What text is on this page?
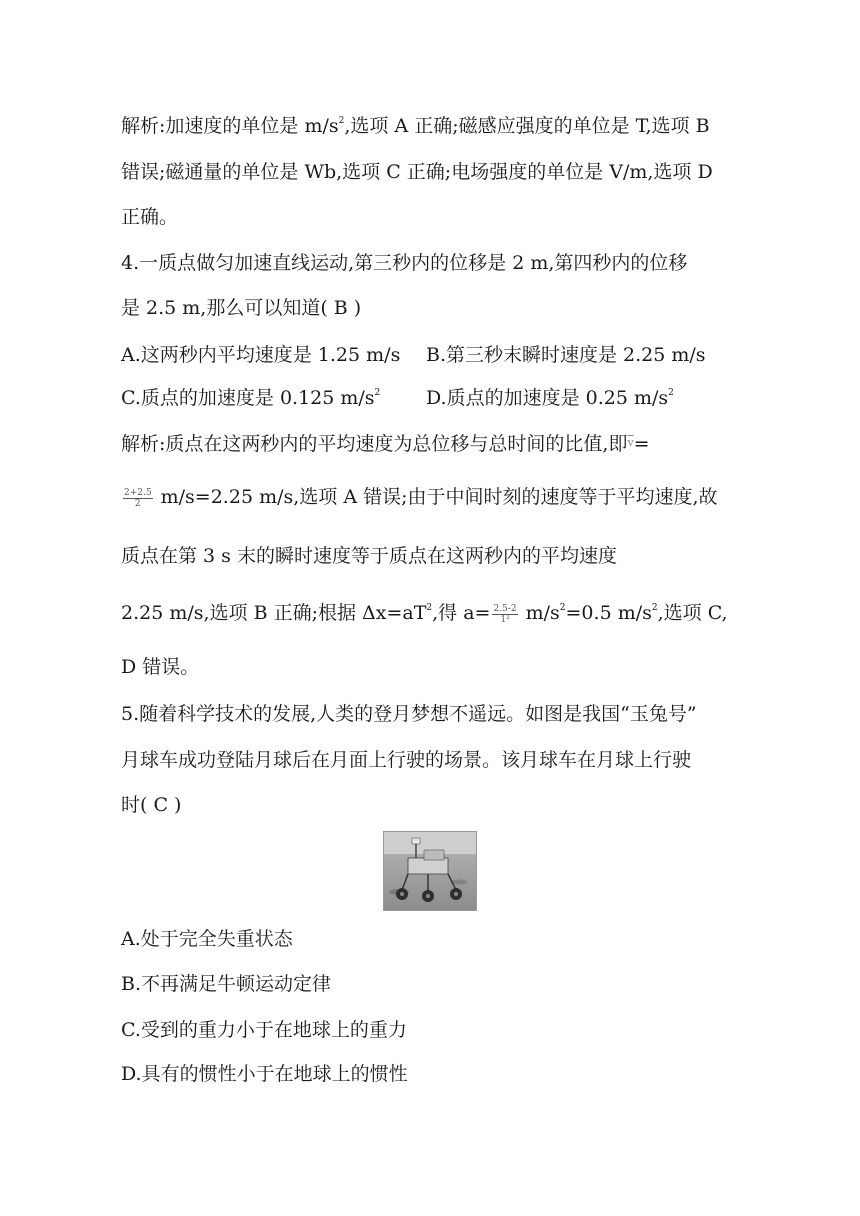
解析:加速度的单位是 $m/s^2$,选项 A 正确;磁感应强度的单位是 T,选项 B
错误;磁通量的单位是 Wb,选项 C 正确;电场强度的单位是 V/m,选项 D
正确。
4.一质点做匀加速直线运动,第三秒内的位移是 2 m,第四秒内的位移
是 2.5 m,那么可以知道( B )
A.这两秒内平均速度是 1.25 m/s B.第三秒末瞬时速度是 2.25 m/s
C.质点的加速度是 0.125 $m/s^2$ D.质点的加速度是 0.25 $m/s^2$
解析:质点在这两秒内的平均速度为总位移与总时间的比值,即$\overline{v}=$
$\frac{2+2.5}{2} m/s=2.25$ m/s,选项 A 错误;由于中间时刻的速度等于平均速度,故
质点在第 3 s 末的瞬时速度等于质点在这两秒内的平均速度
2.25 m/s,选项 B 正确;根据 $\Delta x=aT^2$,得 $a= \frac{2.5-2}{\text{1²}} m/s^2=0.5$ $m/s^2$,选项 C,
D 错误。
5.随着科学技术的发展,人类的登月梦想不遥远。如图是我国“玉兔号”
月球车成功登陆月球后在月面上行驶的场景。该月球车在月球上行驶
时( C )
A.处于完全失重状态
B.不再满足牛顿运动定律
C.受到的重力小于在地球上的重力
D.具有的惯性小于在地球上的惯性
